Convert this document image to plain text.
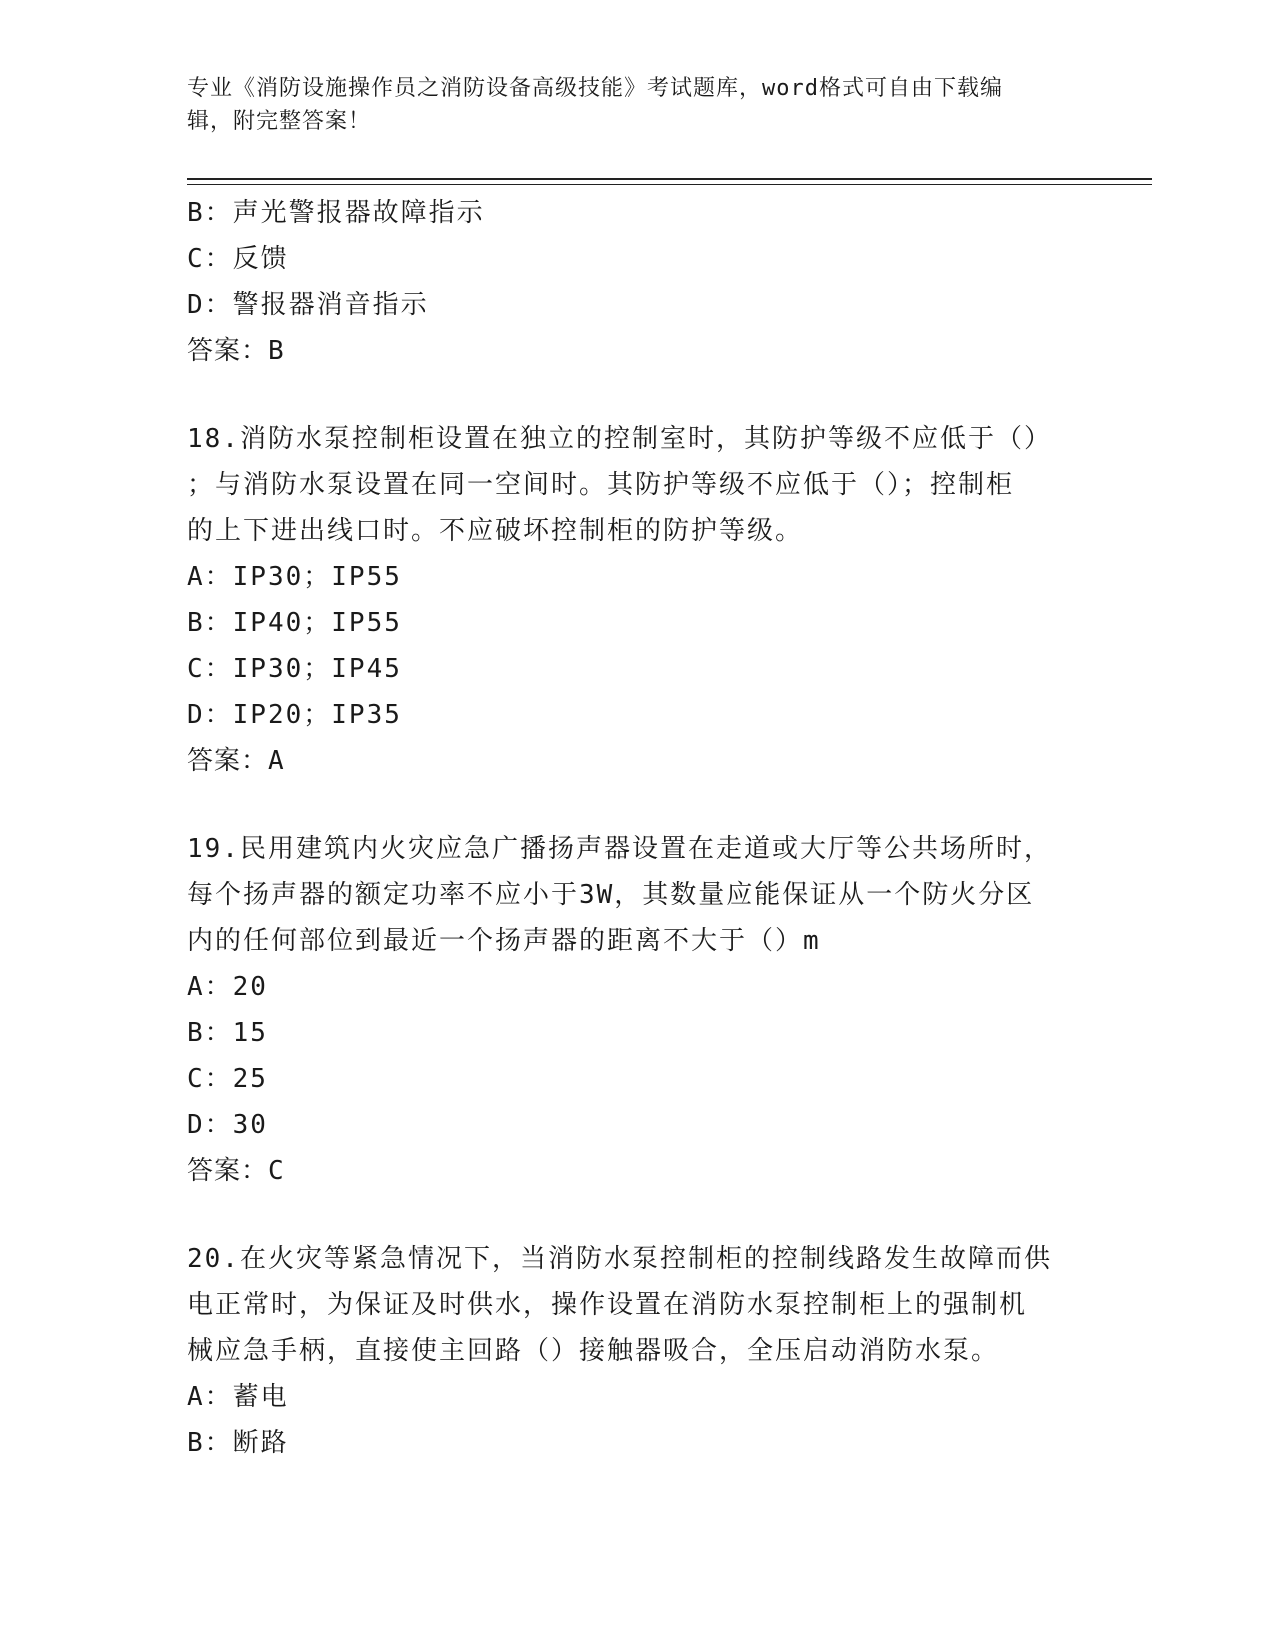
专业《消防设施操作员之消防设备高级技能》考试题库，word格式可自由下载编
辑，附完整答案！
B：声光警报器故障指示
C：反馈
D：警报器消音指示
答案：B
18.消防水泵控制柜设置在独立的控制室时，其防护等级不应低于（）
；与消防水泵设置在同一空间时。其防护等级不应低于（）；控制柜
的上下进出线口时。不应破坏控制柜的防护等级。
A：IP30；IP55
B：IP40；IP55
C：IP30；IP45
D：IP20；IP35
答案：A
19.民用建筑内火灾应急广播扬声器设置在走道或大厅等公共场所时，
每个扬声器的额定功率不应小于3W，其数量应能保证从一个防火分区
内的任何部位到最近一个扬声器的距离不大于（）m
A：20
B：15
C：25
D：30
答案：C
20.在火灾等紧急情况下，当消防水泵控制柜的控制线路发生故障而供
电正常时，为保证及时供水，操作设置在消防水泵控制柜上的强制机
械应急手柄，直接使主回路（）接触器吸合，全压启动消防水泵。
A：蓄电
B：断路
